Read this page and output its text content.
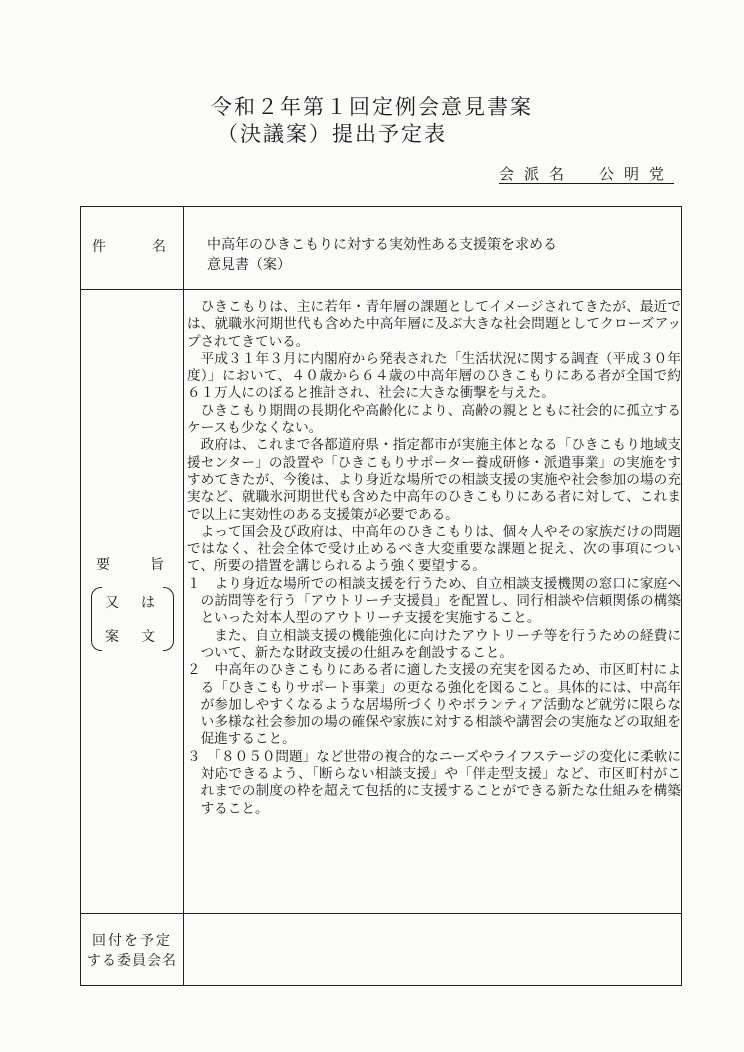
令和２年第１回定例会意見書案
（決議案）提出予定表
会派名　公明党
件　　名	中高年のひきこもりに対する実効性ある支援策を求める
意見書（案）
要　　旨
又　は
案　文

ひきこもりは、主に若年・青年層の課題としてイメージされてきたが、最近では、就職氷河期世代も含めた中高年層に及ぶ大きな社会問題としてクローズアップされてきている。

平成３１年３月に内閣府から発表された「生活状況に関する調査（平成３０年度）」において、４０歳から６４歳の中高年層のひきこもりにある者が全国で約６１万人にのぼると推計され、社会に大きな衝撃を与えた。

ひきこもり期間の長期化や高齢化により、高齢の親とともに社会的に孤立するケースも少なくない。

政府は、これまで各都道府県・指定都市が実施主体となる「ひきこもり地域支援センター」の設置や「ひきこもりサポーター養成研修・派遣事業」の実施をすすめてきたが、今後は、より身近な場所での相談支援の実施や社会参加の場の充実など、就職氷河期世代も含めた中高年のひきこもりにある者に対して、これまで以上に実効性のある支援策が必要である。

よって国会及び政府は、中高年のひきこもりは、個々人やその家族だけの問題ではなく、社会全体で受け止めるべき大変重要な課題と捉え、次の事項について、所要の措置を講じられるよう強く要望する。

１　より身近な場所での相談支援を行うため、自立相談支援機関の窓口に家庭への訪問等を行う「アウトリーチ支援員」を配置し、同行相談や信頼関係の構築といった対本人型のアウトリーチ支援を実施すること。

また、自立相談支援の機能強化に向けたアウトリーチ等を行うための経費について、新たな財政支援の仕組みを創設すること。

２　中高年のひきこもりにある者に適した支援の充実を図るため、市区町村による「ひきこもりサポート事業」の更なる強化を図ること。具体的には、中高年が参加しやすくなるような居場所づくりやボランティア活動など就労に限らない多様な社会参加の場の確保や家族に対する相談や講習会の実施などの取組を促進すること。

３　「８０５０問題」など世帯の複合的なニーズやライフステージの変化に柔軟に対応できるよう、「断らない相談支援」や「伴走型支援」など、市区町村がこれまでの制度の枠を超えて包括的に支援することができる新たな仕組みを構築すること。

回付を予定
する委員会名
